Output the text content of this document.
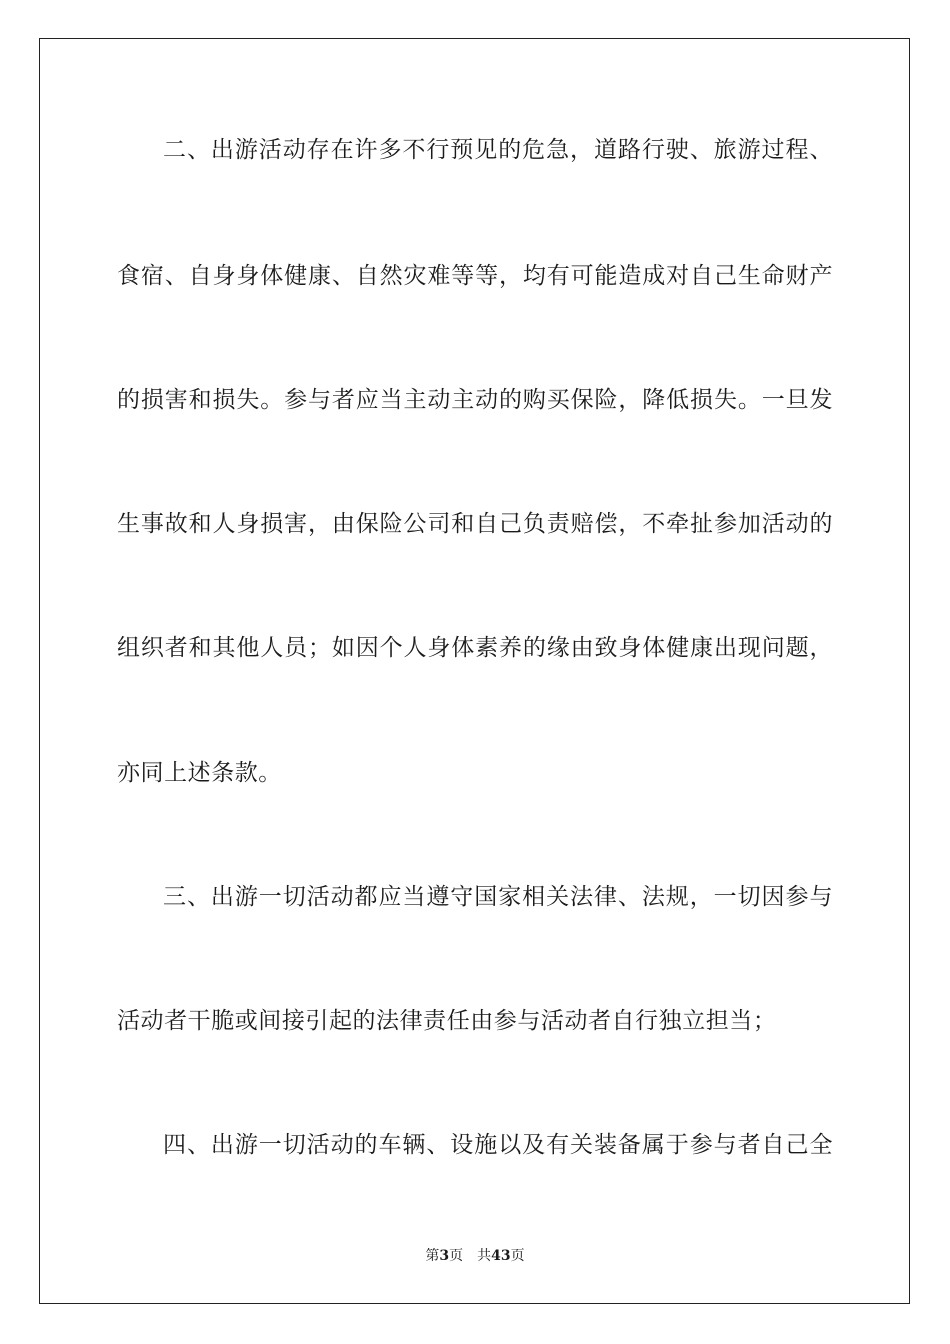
二、出游活动存在许多不行预见的危急，道路行驶、旅游过程、
食宿、自身身体健康、自然灾难等等，均有可能造成对自己生命财产
的损害和损失。参与者应当主动主动的购买保险，降低损失。一旦发
生事故和人身损害，由保险公司和自己负责赔偿，不牵扯参加活动的
组织者和其他人员；如因个人身体素养的缘由致身体健康出现问题，
亦同上述条款。
三、出游一切活动都应当遵守国家相关法律、法规，一切因参与
活动者干脆或间接引起的法律责任由参与活动者自行独立担当；
四、出游一切活动的车辆、设施以及有关装备属于参与者自己全
第3页 共43页
